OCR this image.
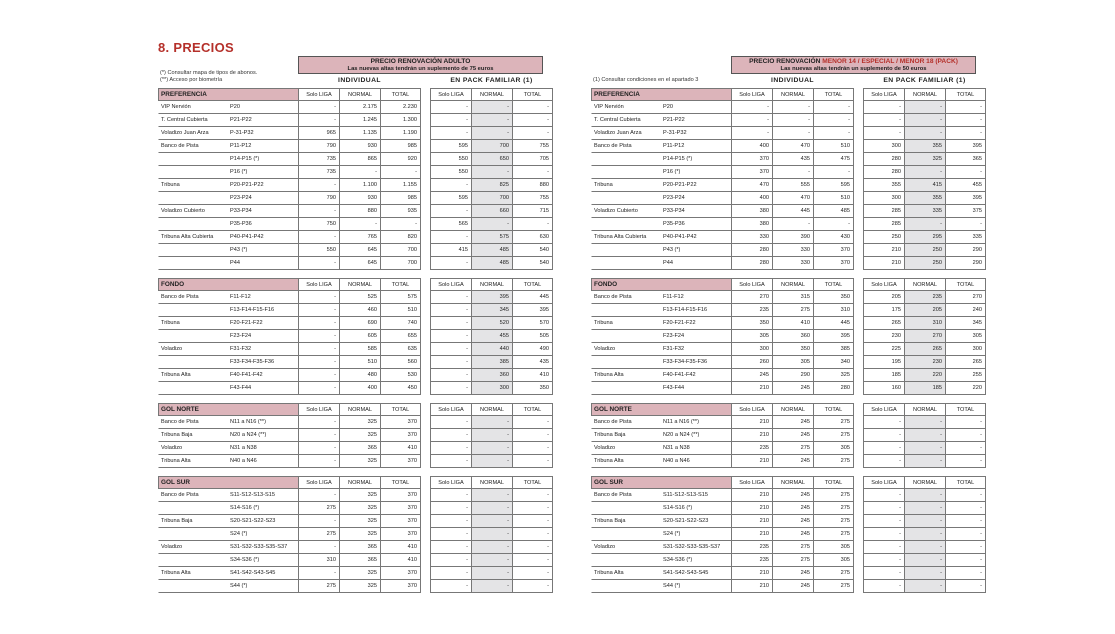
8. PRECIOS
(*) Consultar mapa de tipos de abonos.
(**) Acceso por biometría
PRECIO RENOVACIÓN ADULTO
Las nuevas altas tendrán un suplemento de 75 euros
INDIVIDUAL	EN PACK FAMILIAR (1)
PREFERENCIA	Solo LIGA	NORMAL	TOTAL	Solo LIGA	NORMAL	TOTAL
VIP Nervión	P20	-	2.175	2.230	-	-	-
T. Central Cubierta	P21-P22	-	1.245	1.300	-	-	-
Voladizo Juan Arza	P-31-P32	965	1.135	1.190	-	-	-
Banco de Pista	P11-P12	790	930	985	595	700	755
P14-P15 (*)	735	865	920	550	650	705
P16 (*)	735	-	-	550	-	-
Tribuna	P20-P21-P22	-	1.100	1.155	-	825	880
P23-P24	790	930	985	595	700	755
Voladizo Cubierto	P33-P34	-	880	935	-	660	715
P35-P36	750	-	-	565	-	-
Tribuna Alta Cubierta	P40-P41-P42	-	765	820	-	575	630
P43 (*)	550	645	700	415	485	540
P44	-	645	700	-	485	540
FONDO	Solo LIGA	NORMAL	TOTAL	Solo LIGA	NORMAL	TOTAL
Banco de Pista	F11-F12	-	525	575	-	395	445
F13-F14-F15-F16	-	460	510	-	345	395
Tribuna	F20-F21-F22	-	690	740	-	520	570
F23-F24	-	605	655	-	455	505
Voladizo	F31-F32	-	585	635	-	440	490
F33-F34-F35-F36	-	510	560	-	385	435
Tribuna Alta	F40-F41-F42	-	480	530	-	360	410
F43-F44	-	400	450	-	300	350
GOL NORTE	Solo LIGA	NORMAL	TOTAL	Solo LIGA	NORMAL	TOTAL
Banco de Pista	N11 a N16 (**)	-	325	370	-	-	-
Tribuna Baja	N20 a N24 (**)	-	325	370	-	-	-
Voladizo	N31 a N38	-	365	410	-	-	-
Tribuna Alta	N40 a N46	-	325	370	-	-	-
GOL SUR	Solo LIGA	NORMAL	TOTAL	Solo LIGA	NORMAL	TOTAL
Banco de Pista	S11-S12-S13-S15	-	325	370	-	-	-
S14-S16 (*)	275	325	370	-	-	-
Tribuna Baja	S20-S21-S22-S23	-	325	370	-	-	-
S24 (*)	275	325	370	-	-	-
Voladizo	S31-S32-S33-S35-S37	-	365	410	-	-	-
S34-S36 (*)	310	365	410	-	-	-
Tribuna Alta	S41-S42-S43-S45	-	325	370	-	-	-
S44 (*)	275	325	370	-	-	-
(1) Consultar condiciones en el apartado 3
PRECIO RENOVACIÓN MENOR 14 / ESPECIAL / MENOR 18 (PACK)
Las nuevas altas tendrán un suplemento de 50 euros
INDIVIDUAL	EN PACK FAMILIAR (1)
PREFERENCIA	Solo LIGA	NORMAL	TOTAL	Solo LIGA	NORMAL	TOTAL
VIP Nervión	P20	-	-	-	-	-	-
T. Central Cubierta	P21-P22	-	-	-	-	-	-
Voladizo Juan Arza	P-31-P32	-	-	-	-	-	-
Banco de Pista	P11-P12	400	470	510	300	355	395
P14-P15 (*)	370	435	475	280	325	365
P16 (*)	370	-	-	280	-	-
Tribuna	P20-P21-P22	470	555	595	355	415	455
P23-P24	400	470	510	300	355	395
Voladizo Cubierto	P33-P34	380	445	485	285	335	375
P35-P36	380	-	-	285	-	-
Tribuna Alta Cubierta	P40-P41-P42	330	390	430	250	295	335
P43 (*)	280	330	370	210	250	290
P44	280	330	370	210	250	290
FONDO	Solo LIGA	NORMAL	TOTAL	Solo LIGA	NORMAL	TOTAL
Banco de Pista	F11-F12	270	315	350	205	235	270
F13-F14-F15-F16	235	275	310	175	205	240
Tribuna	F20-F21-F22	350	410	445	265	310	345
F23-F24	305	360	395	230	270	305
Voladizo	F31-F32	300	350	385	225	265	300
F33-F34-F35-F36	260	305	340	195	230	265
Tribuna Alta	F40-F41-F42	245	290	325	185	220	255
F43-F44	210	245	280	160	185	220
GOL NORTE	Solo LIGA	NORMAL	TOTAL	Solo LIGA	NORMAL	TOTAL
Banco de Pista	N11 a N16 (**)	210	245	275	-	-	-
Tribuna Baja	N20 a N24 (**)	210	245	275	-	-	-
Voladizo	N31 a N38	235	275	305	-	-	-
Tribuna Alta	N40 a N46	210	245	275	-	-	-
GOL SUR	Solo LIGA	NORMAL	TOTAL	Solo LIGA	NORMAL	TOTAL
Banco de Pista	S11-S12-S13-S15	210	245	275	-	-	-
S14-S16 (*)	210	245	275	-	-	-
Tribuna Baja	S20-S21-S22-S23	210	245	275	-	-	-
S24 (*)	210	245	275	-	-	-
Voladizo	S31-S32-S33-S35-S37	235	275	305	-	-	-
S34-S36 (*)	235	275	305	-	-	-
Tribuna Alta	S41-S42-S43-S45	210	245	275	-	-	-
S44 (*)	210	245	275	-	-	-
